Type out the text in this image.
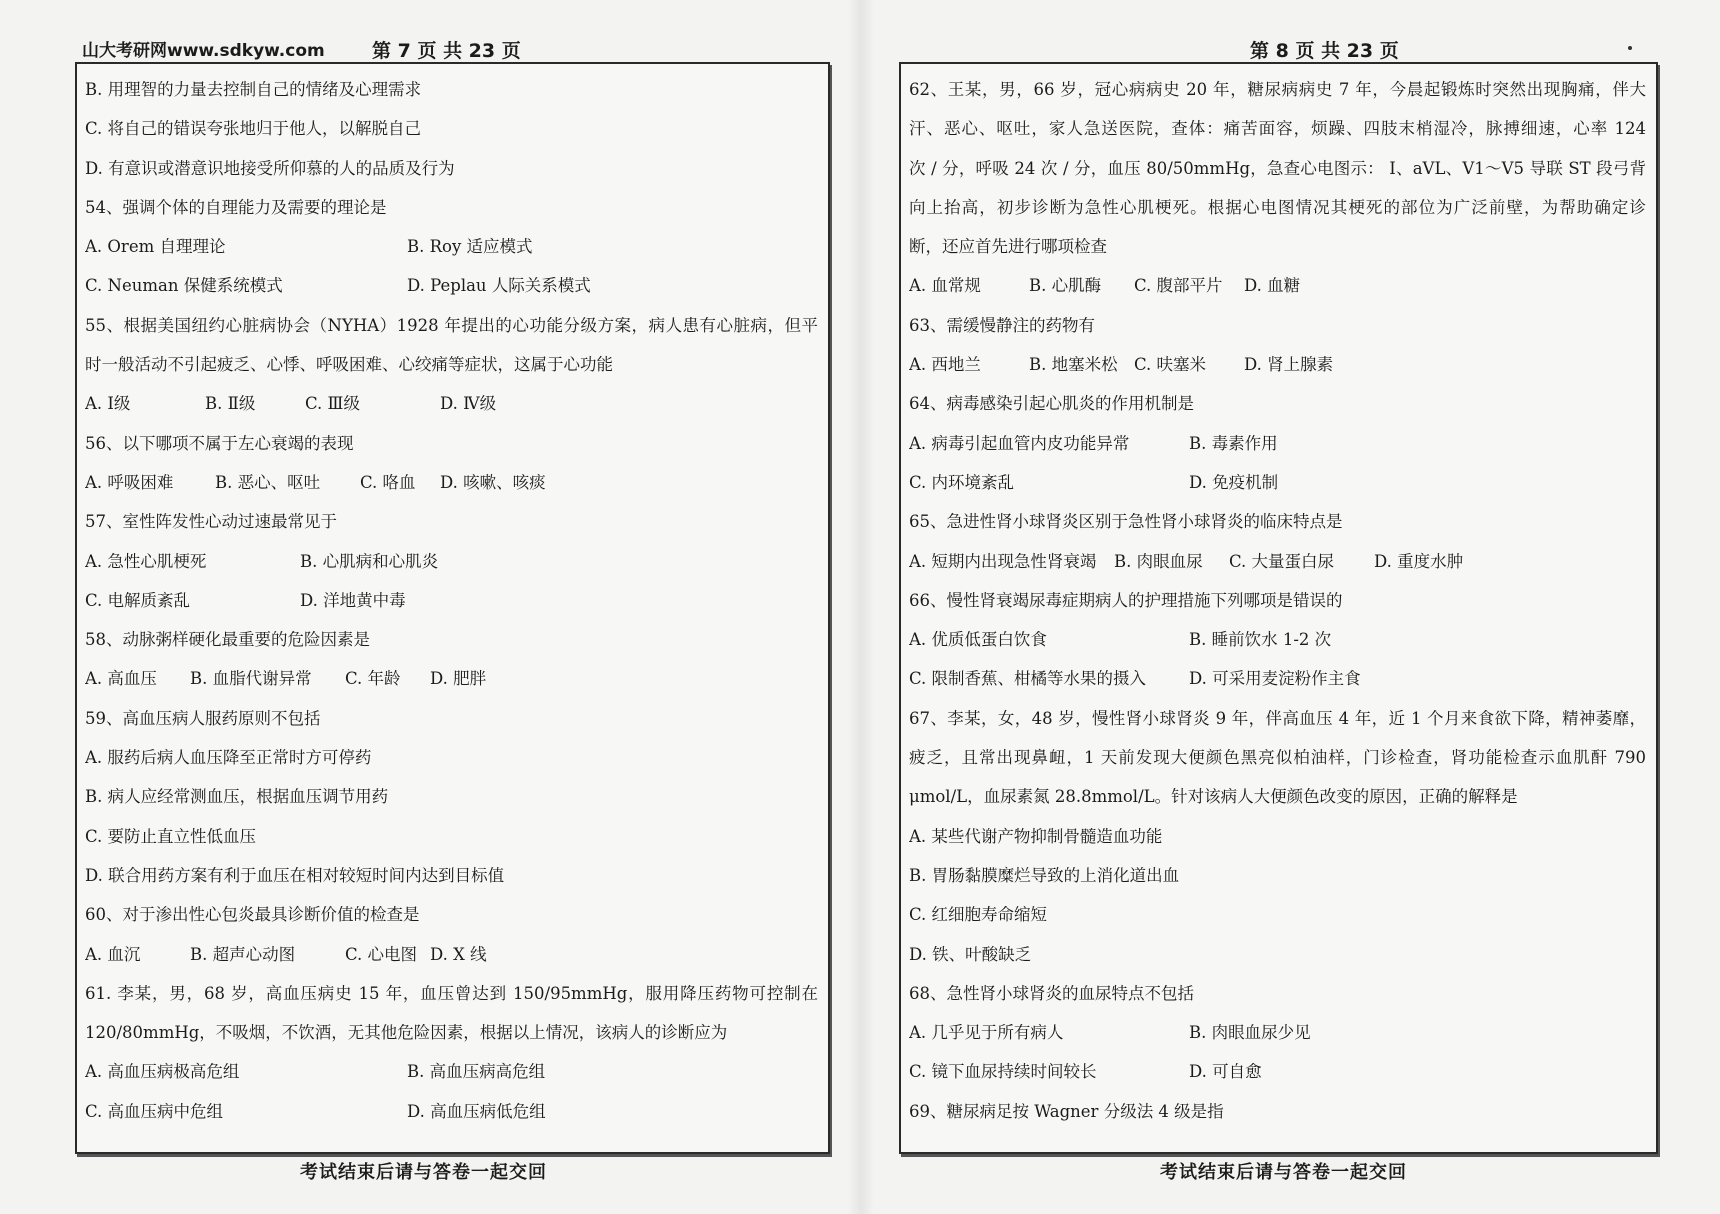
山大考研网www.sdkyw.com 第 7 页 共 23 页	第 8 页 共 23 页
B. 用理智的力量去控制自己的情绪及心理需求
C. 将自己的错误夸张地归于他人，以解脱自己
D. 有意识或潜意识地接受所仰慕的人的品质及行为
54、强调个体的自理能力及需要的理论是
A. Orem 自理理论	B. Roy 适应模式
C. Neuman 保健系统模式	D. Peplau 人际关系模式
55、根据美国纽约心脏病协会（NYHA）1928 年提出的心功能分级方案，病人患有心脏病，但平
时一般活动不引起疲乏、心悸、呼吸困难、心绞痛等症状，这属于心功能
A. Ⅰ级	B. Ⅱ级	C. Ⅲ级	D. Ⅳ级
56、以下哪项不属于左心衰竭的表现
A. 呼吸困难	B. 恶心、呕吐 C. 咯血 D. 咳嗽、咳痰
57、室性阵发性心动过速最常见于
A. 急性心肌梗死	B. 心肌病和心肌炎
C. 电解质紊乱	D. 洋地黄中毒
58、动脉粥样硬化最重要的危险因素是
A. 高血压 B. 血脂代谢异常 C. 年龄 D. 肥胖
59、高血压病人服药原则不包括
A. 服药后病人血压降至正常时方可停药
B. 病人应经常测血压，根据血压调节用药
C. 要防止直立性低血压
D. 联合用药方案有利于血压在相对较短时间内达到目标值
60、对于渗出性心包炎最具诊断价值的检查是
A. 血沉	B. 超声心动图	C. 心电图 D. X 线
61. 李某，男，68 岁，高血压病史 15 年，血压曾达到 150/95mmHg，服用降压药物可控制在
120/80mmHg，不吸烟，不饮酒，无其他危险因素，根据以上情况，该病人的诊断应为
A. 高血压病极高危组	B. 高血压病高危组
C. 高血压病中危组	D. 高血压病低危组
62、王某，男，66 岁，冠心病病史 20 年，糖尿病病史 7 年，今晨起锻炼时突然出现胸痛，伴大
汗、恶心、呕吐，家人急送医院，查体：痛苦面容，烦躁、四肢末梢湿冷，脉搏细速，心率 124
次 / 分，呼吸 24 次 / 分，血压 80/50mmHg，急查心电图示： Ⅰ、aVL、V1～V5 导联 ST 段弓背
向上抬高，初步诊断为急性心肌梗死。根据心电图情况其梗死的部位为广泛前壁，为帮助确定诊
断，还应首先进行哪项检查
A. 血常规	B. 心肌酶 C. 腹部平片 D. 血糖
63、需缓慢静注的药物有
A. 西地兰	B. 地塞米松 C. 呋塞米 D. 肾上腺素
64、病毒感染引起心肌炎的作用机制是
A. 病毒引起血管内皮功能异常	B. 毒素作用
C. 内环境紊乱	D. 免疫机制
65、急进性肾小球肾炎区别于急性肾小球肾炎的临床特点是
A. 短期内出现急性肾衰竭 B. 肉眼血尿 C. 大量蛋白尿 D. 重度水肿
66、慢性肾衰竭尿毒症期病人的护理措施下列哪项是错误的
A. 优质低蛋白饮食	B. 睡前饮水 1-2 次
C. 限制香蕉、柑橘等水果的摄入	D. 可采用麦淀粉作主食
67、李某，女，48 岁，慢性肾小球肾炎 9 年，伴高血压 4 年，近 1 个月来食欲下降，精神萎靡，
疲乏，且常出现鼻衄，1 天前发现大便颜色黑亮似柏油样，门诊检查，肾功能检查示血肌酐 790
μmol/L，血尿素氮 28.8mmol/L。针对该病人大便颜色改变的原因，正确的解释是
A. 某些代谢产物抑制骨髓造血功能
B. 胃肠黏膜糜烂导致的上消化道出血
C. 红细胞寿命缩短
D. 铁、叶酸缺乏
68、急性肾小球肾炎的血尿特点不包括
A. 几乎见于所有病人	B. 肉眼血尿少见
C. 镜下血尿持续时间较长	D. 可自愈
69、糖尿病足按 Wagner 分级法 4 级是指
考试结束后请与答卷一起交回	考试结束后请与答卷一起交回
